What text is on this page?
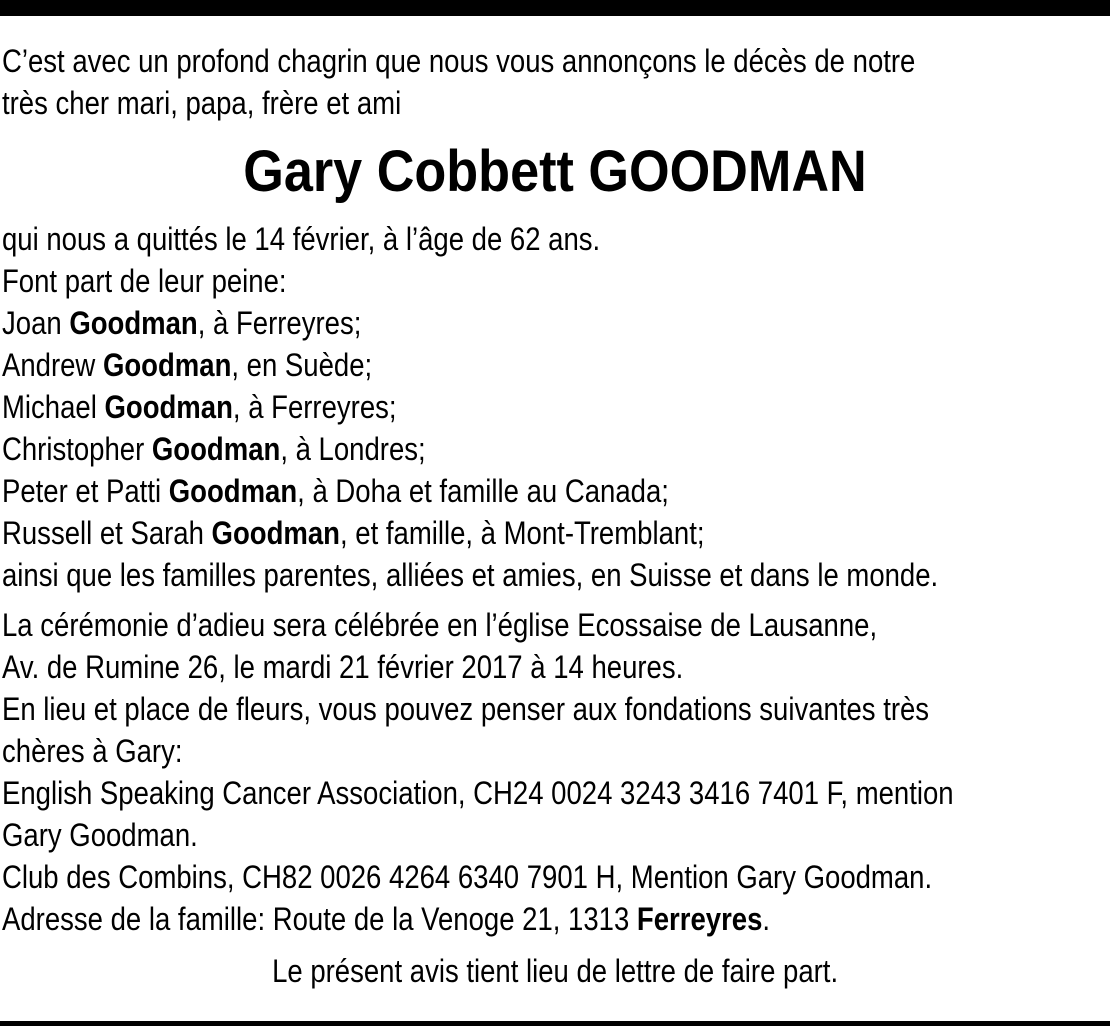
C’est avec un profond chagrin que nous vous annonçons le décès de notre
très cher mari, papa, frère et ami
Gary Cobbett GOODMAN
qui nous a quittés le 14 février, à l’âge de 62 ans.
Font part de leur peine:
Joan Goodman, à Ferreyres;
Andrew Goodman, en Suède;
Michael Goodman, à Ferreyres;
Christopher Goodman, à Londres;
Peter et Patti Goodman, à Doha et famille au Canada;
Russell et Sarah Goodman, et famille, à Mont-Tremblant;
ainsi que les familles parentes, alliées et amies, en Suisse et dans le monde.
La cérémonie d’adieu sera célébrée en l’église Ecossaise de Lausanne,
Av. de Rumine 26, le mardi 21 février 2017 à 14 heures.
En lieu et place de fleurs, vous pouvez penser aux fondations suivantes très
chères à Gary:
English Speaking Cancer Association, CH24 0024 3243 3416 7401 F, mention
Gary Goodman.
Club des Combins, CH82 0026 4264 6340 7901 H, Mention Gary Goodman.
Adresse de la famille: Route de la Venoge 21, 1313 Ferreyres.
Le présent avis tient lieu de lettre de faire part.
